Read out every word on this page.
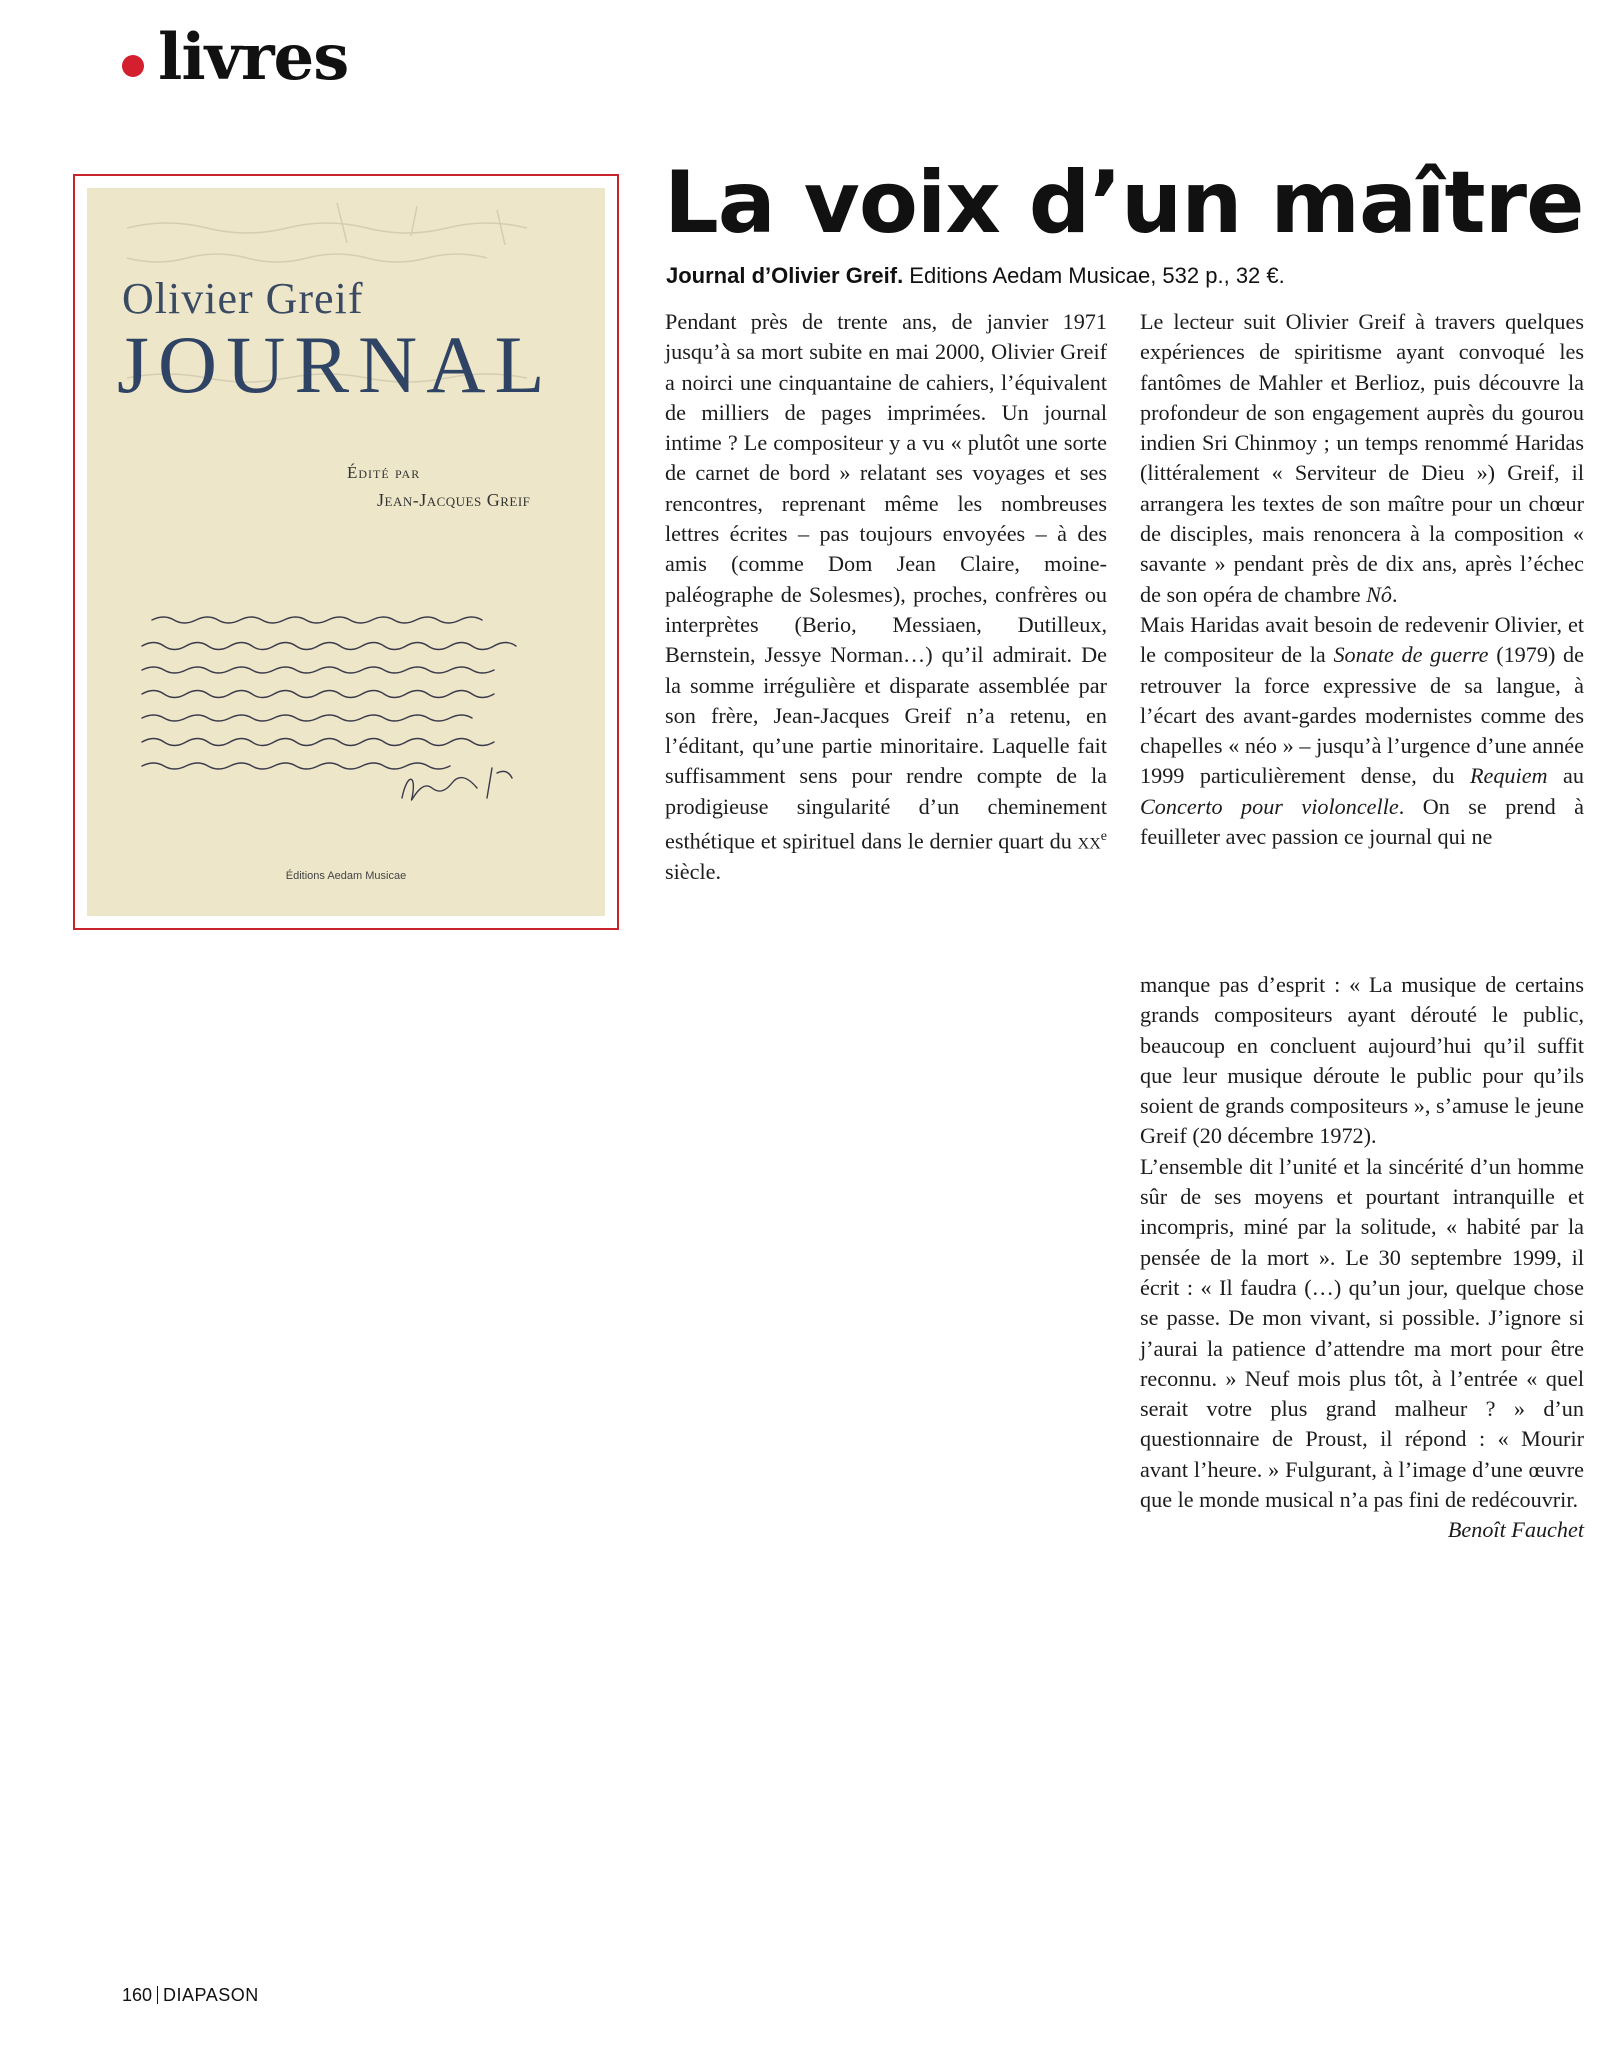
livres
Olivier Greif
JOURNAL
Édité par
Jean-Jacques Greif
Éditions Aedam Musicae
La voix d’un maître
Journal d’Olivier Greif. Editions Aedam Musicae, 532 p., 32 €.

Pendant près de trente ans, de janvier 1971 jusqu’à sa mort subite en mai 2000, Olivier Greif a noirci une cinquantaine de cahiers, l’équivalent de milliers de pages imprimées. Un journal intime ? Le compositeur y a vu « plutôt une sorte de carnet de bord » relatant ses voyages et ses rencontres, reprenant même les nombreuses lettres écrites – pas toujours envoyées – à des amis (comme Dom Jean Claire, moine-paléographe de Solesmes), proches, confrères ou interprètes (Berio, Messiaen, Dutilleux, Bernstein, Jessye Norman…) qu’il admirait. De la somme irrégulière et disparate assemblée par son frère, Jean-Jacques Greif n’a retenu, en l’éditant, qu’une partie minoritaire. Laquelle fait suffisamment sens pour rendre compte de la prodigieuse singularité d’un cheminement esthétique et spirituel dans le dernier quart du $xx^e$ siècle.

Le lecteur suit Olivier Greif à travers quelques expériences de spiritisme ayant convoqué les fantômes de Mahler et Berlioz, puis découvre la profondeur de son engagement auprès du gourou indien Sri Chinmoy ; un temps renommé Haridas (littéralement « Serviteur de Dieu ») Greif, il arrangera les textes de son maître pour un chœur de disciples, mais renoncera à la composition « savante » pendant près de dix ans, après l’échec de son opéra de chambre Nô.

Mais Haridas avait besoin de redevenir Olivier, et le compositeur de la Sonate de guerre (1979) de retrouver la force expressive de sa langue, à l’écart des avant-gardes modernistes comme des chapelles « néo » – jusqu’à l’urgence d’une année 1999 particulièrement dense, du Requiem au Concerto pour violoncelle. On se prend à feuilleter avec passion ce journal qui ne

manque pas d’esprit : « La musique de certains grands compositeurs ayant dérouté le public, beaucoup en concluent aujourd’hui qu’il suffit que leur musique déroute le public pour qu’ils soient de grands compositeurs », s’amuse le jeune Greif (20 décembre 1972).

L’ensemble dit l’unité et la sincérité d’un homme sûr de ses moyens et pourtant intranquille et incompris, miné par la solitude, « habité par la pensée de la mort ». Le 30 septembre 1999, il écrit : « Il faudra (…) qu’un jour, quelque chose se passe. De mon vivant, si possible. J’ignore si j’aurai la patience d’attendre ma mort pour être reconnu. » Neuf mois plus tôt, à l’entrée « quel serait votre plus grand malheur ? » d’un questionnaire de Proust, il répond : « Mourir avant l’heure. » Fulgurant, à l’image d’une œuvre que le monde musical n’a pas fini de redécouvrir.
Benoît Fauchet

160 DIAPASON
